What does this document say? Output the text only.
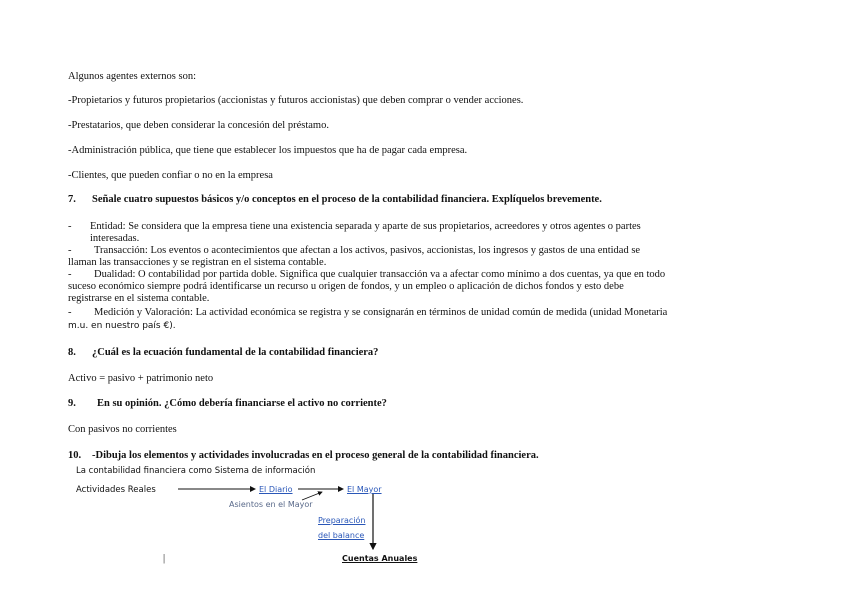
Algunos agentes externos son:
-Propietarios y futuros propietarios (accionistas y futuros accionistas) que deben comprar o vender acciones.
-Prestatarios, que deben considerar la concesión del préstamo.
-Administración pública, que tiene que establecer los impuestos que ha de pagar cada empresa.
-Clientes, que pueden confiar o no en la empresa
7. Señale cuatro supuestos básicos y/o conceptos en el proceso de la contabilidad financiera. Explíquelos brevemente.
- Entidad: Se considera que la empresa tiene una existencia separada y aparte de sus propietarios, acreedores y otros agentes o partes
interesadas.
- Transacción: Los eventos o acontecimientos que afectan a los activos, pasivos, accionistas, los ingresos y gastos de una entidad se
llaman las transacciones y se registran en el sistema contable.
- Dualidad: O contabilidad por partida doble. Significa que cualquier transacción va a afectar como mínimo a dos cuentas, ya que en todo
suceso económico siempre podrá identificarse un recurso u origen de fondos, y un empleo o aplicación de dichos fondos y esto debe
registrarse en el sistema contable.
- Medición y Valoración: La actividad económica se registra y se consignarán en términos de unidad común de medida (unidad Monetaria
m.u. en nuestro país €).
8. ¿Cuál es la ecuación fundamental de la contabilidad financiera?
Activo = pasivo + patrimonio neto
9. En su opinión. ¿Cómo debería financiarse el activo no corriente?
Con pasivos no corrientes
10. -Dibuja los elementos y actividades involucradas en el proceso general de la contabilidad financiera.
La contabilidad financiera como Sistema de información
Actividades Reales	El Diario	El Mayor
Asientos en el Mayor
Preparación
del balance
Cuentas Anuales
|
